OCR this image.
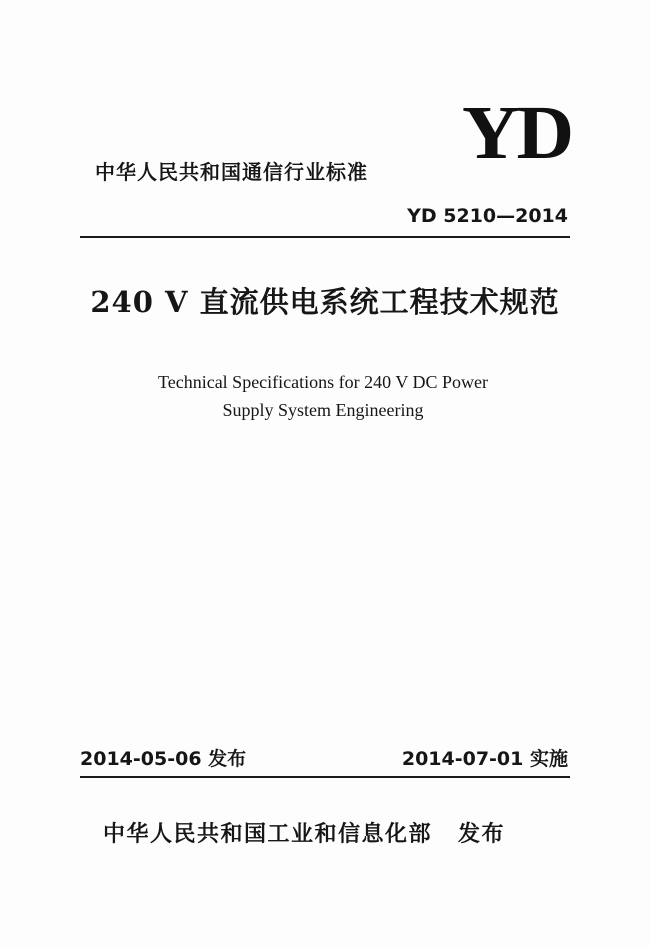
YD
中华人民共和国通信行业标准
YD 5210—2014
240 V 直流供电系统工程技术规范
Technical Specifications for 240 V DC Power
Supply System Engineering
2014-05-06 发布	2014-07-01 实施
中华人民共和国工业和信息化部 发布
